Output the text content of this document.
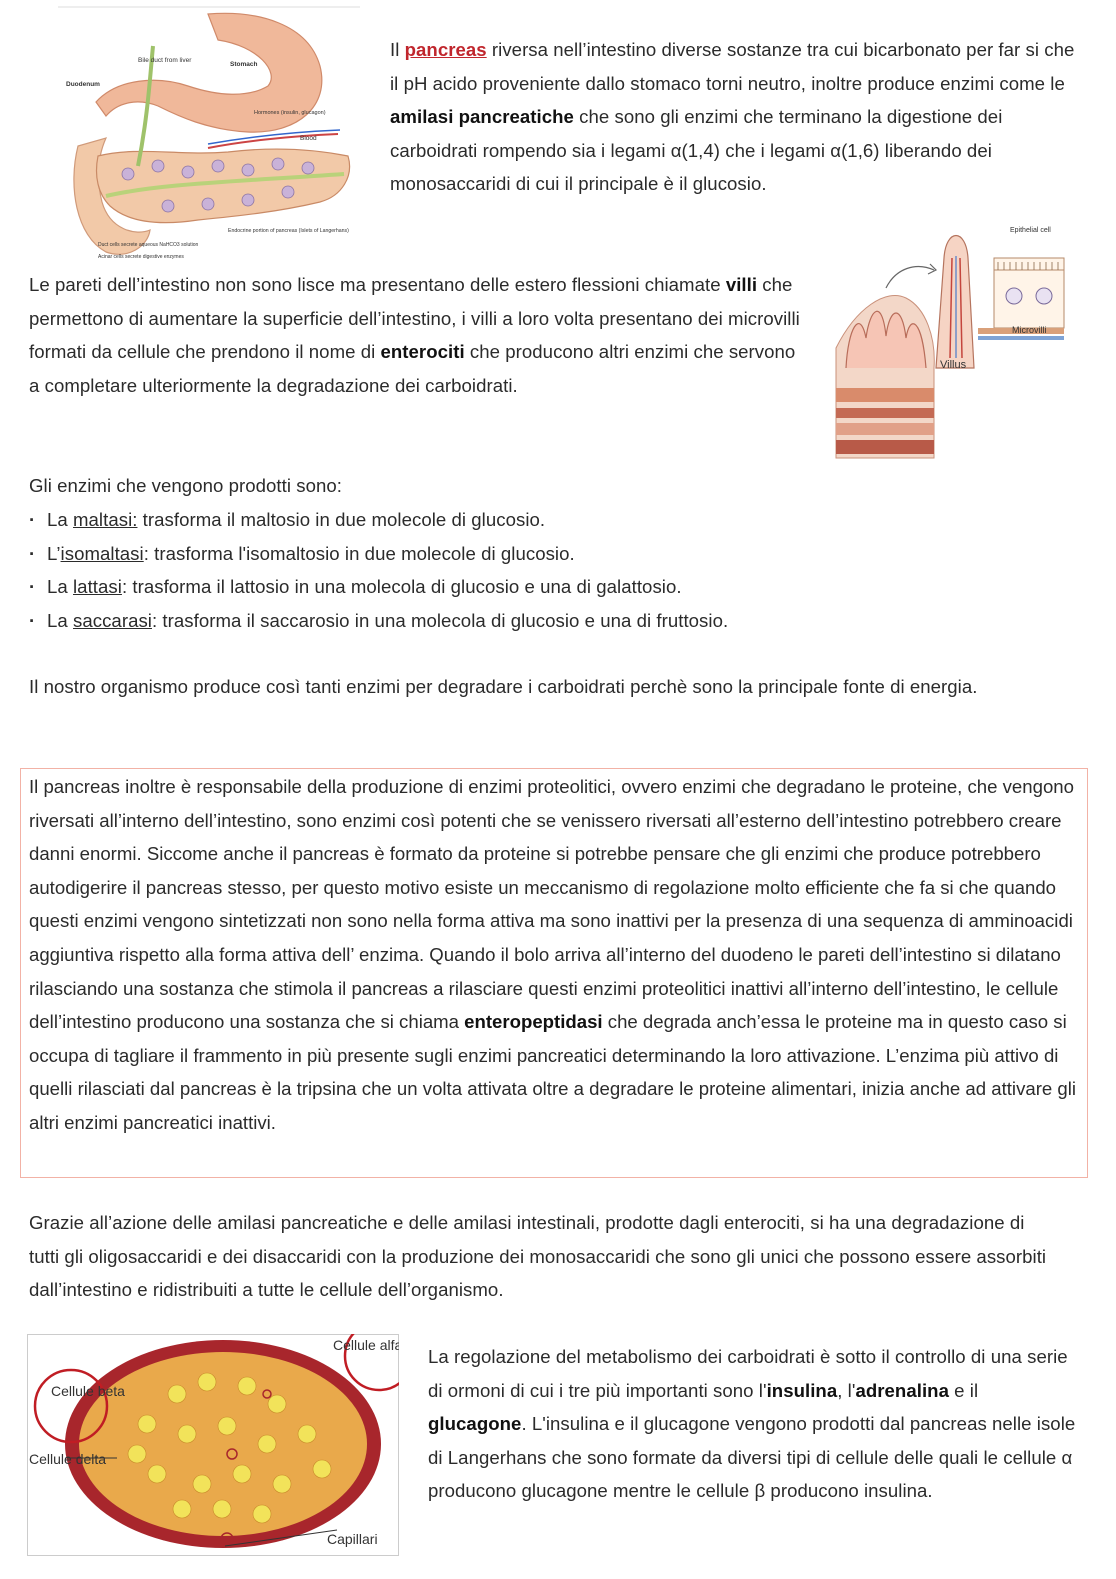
Bile duct from liver
Stomach
Duodenum
Hormones (insulin, glucagon)
Blood
Endocrine portion of pancreas (Islets of Langerhans)
Duct cells secrete aqueous NaHCO3 solution
Acinar cells secrete digestive enzymes

Il pancreas riversa nell’intestino diverse sostanze tra cui bicarbonato per far si che il pH acido proveniente dallo stomaco torni neutro, inoltre produce enzimi come le amilasi pancreatiche che sono gli enzimi che terminano la digestione dei carboidrati rompendo sia i legami α(1,4) che i legami α(1,6) liberando dei monosaccaridi di cui il principale è il glucosio.

Epithelial cell
Microvilli
Villus

Le pareti dell’intestino non sono lisce ma presentano delle estero flessioni chiamate villi che permettono di aumentare la superficie dell’intestino, i villi a loro volta presentano dei microvilli formati da cellule che prendono il nome di enterociti che producono altri enzimi che servono a completare ulteriormente la degradazione dei carboidrati.

Gli enzimi che vengono prodotti sono:

· La maltasi: trasforma il maltosio in due molecole di glucosio.
· L’isomaltasi: trasforma l'isomaltosio in due molecole di glucosio.
· La lattasi: trasforma il lattosio in una molecola di glucosio e una di galattosio.
· La saccarasi: trasforma il saccarosio in una molecola di glucosio e una di fruttosio.

Il nostro organismo produce così tanti enzimi per degradare i carboidrati perchè sono la principale fonte di energia.

Il pancreas inoltre è responsabile della produzione di enzimi proteolitici, ovvero enzimi che degradano le proteine, che vengono riversati all’interno dell’intestino, sono enzimi così potenti che se venissero riversati all’esterno dell’intestino potrebbero creare danni enormi. Siccome anche il pancreas è formato da proteine si potrebbe pensare che gli enzimi che produce potrebbero autodigerire il pancreas stesso, per questo motivo esiste un meccanismo di regolazione molto efficiente che fa si che quando questi enzimi vengono sintetizzati non sono nella forma attiva ma sono inattivi per la presenza di una sequenza di amminoacidi aggiuntiva rispetto alla forma attiva dell’ enzima. Quando il bolo arriva all’interno del duodeno le pareti dell’intestino si dilatano rilasciando una sostanza che stimola il pancreas a rilasciare questi enzimi proteolitici inattivi all’interno dell’intestino, le cellule dell’intestino producono una sostanza che si chiama enteropeptidasi che degrada anch’essa le proteine ma in questo caso si occupa di tagliare il frammento in più presente sugli enzimi pancreatici determinando la loro attivazione. L’enzima più attivo di quelli rilasciati dal pancreas è la tripsina che un volta attivata oltre a degradare le proteine alimentari, inizia anche ad attivare gli altri enzimi pancreatici inattivi.

Grazie all’azione delle amilasi pancreatiche e delle amilasi intestinali, prodotte dagli enterociti, si ha una degradazione di tutti gli oligosaccaridi e dei disaccaridi con la produzione dei monosaccaridi che sono gli unici che possono essere assorbiti dall’intestino e ridistribuiti a tutte le cellule dell’organismo.

Cellule alfa
Cellule beta
Cellule delta
Capillari

La regolazione del metabolismo dei carboidrati è sotto il controllo di una serie di ormoni di cui i tre più importanti sono l'insulina, l'adrenalina e il glucagone. L'insulina e il glucagone vengono prodotti dal pancreas nelle isole di Langerhans che sono formate da diversi tipi di cellule delle quali le cellule α producono glucagone mentre le cellule β producono insulina.
